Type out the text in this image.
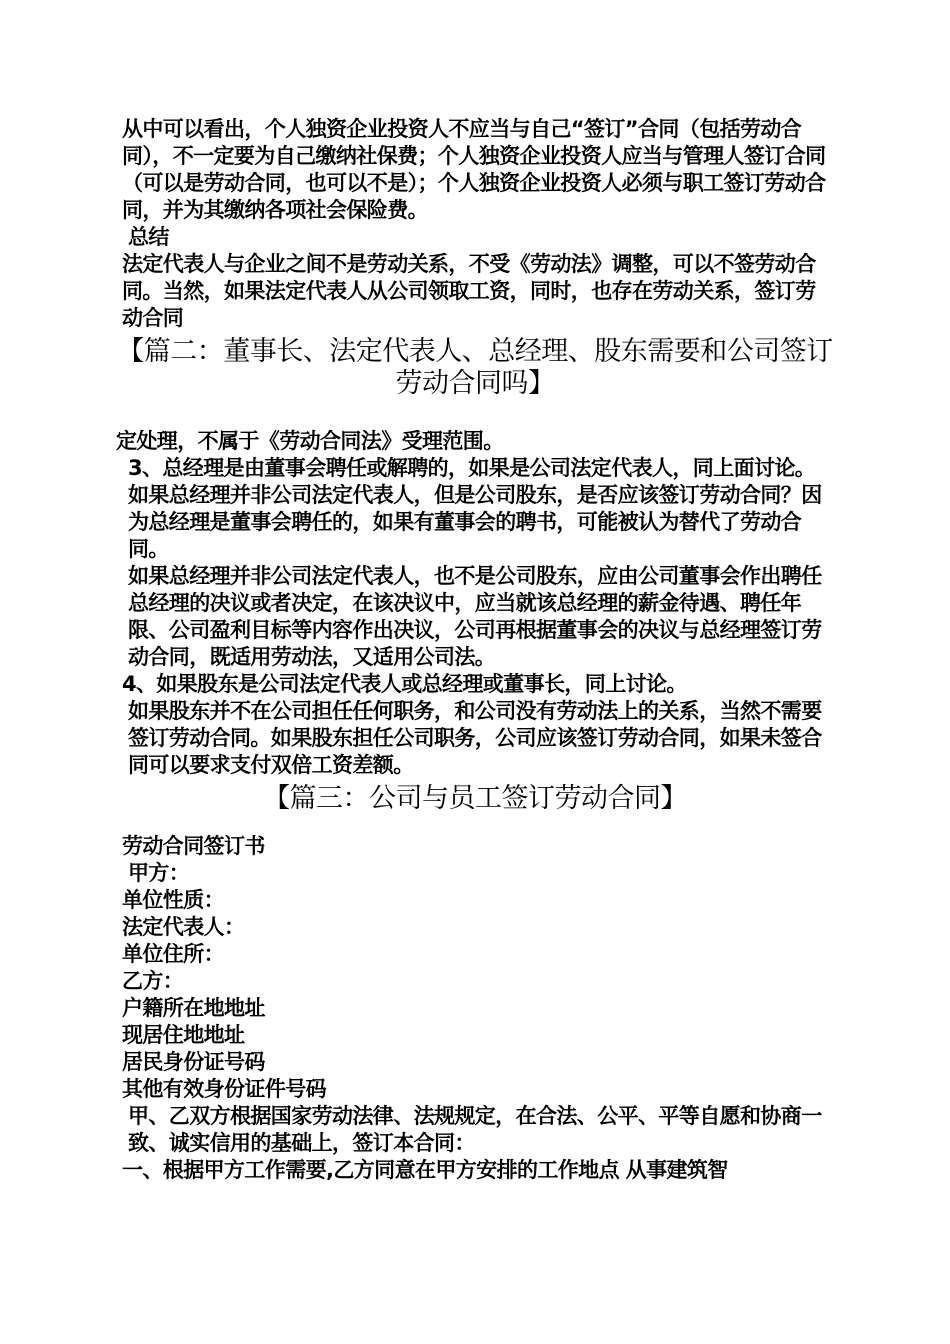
从中可以看出，个人独资企业投资人不应当与自己“签订”合同（包括劳动合同），不一定要为自己缴纳社保费；个人独资企业投资人应当与管理人签订合同（可以是劳动合同，也可以不是）；个人独资企业投资人必须与职工签订劳动合同，并为其缴纳各项社会保险费。

总结

法定代表人与企业之间不是劳动关系，不受《劳动法》调整，可以不签劳动合同。当然，如果法定代表人从公司领取工资，同时，也存在劳动关系，签订劳动合同

【篇二：董事长、法定代表人、总经理、股东需要和公司签订劳动合同吗】

定处理，不属于《劳动合同法》受理范围。

3、总经理是由董事会聘任或解聘的，如果是公司法定代表人，同上面讨论。

如果总经理并非公司法定代表人，但是公司股东，是否应该签订劳动合同？因为总经理是董事会聘任的，如果有董事会的聘书，可能被认为替代了劳动合同。

如果总经理并非公司法定代表人，也不是公司股东，应由公司董事会作出聘任总经理的决议或者决定，在该决议中，应当就该总经理的薪金待遇、聘任年限、公司盈利目标等内容作出决议，公司再根据董事会的决议与总经理签订劳动合同，既适用劳动法，又适用公司法。

4、如果股东是公司法定代表人或总经理或董事长，同上讨论。

如果股东并不在公司担任任何职务，和公司没有劳动法上的关系，当然不需要签订劳动合同。如果股东担任公司职务，公司应该签订劳动合同，如果未签合同可以要求支付双倍工资差额。

【篇三：公司与员工签订劳动合同】

劳动合同签订书

甲方：

单位性质：

法定代表人：

单位住所：

乙方：

户籍所在地地址

现居住地地址

居民身份证号码

其他有效身份证件号码

甲、乙双方根据国家劳动法律、法规规定，在合法、公平、平等自愿和协商一致、诚实信用的基础上，签订本合同：

一、根据甲方工作需要,乙方同意在甲方安排的工作地点 从事建筑智
